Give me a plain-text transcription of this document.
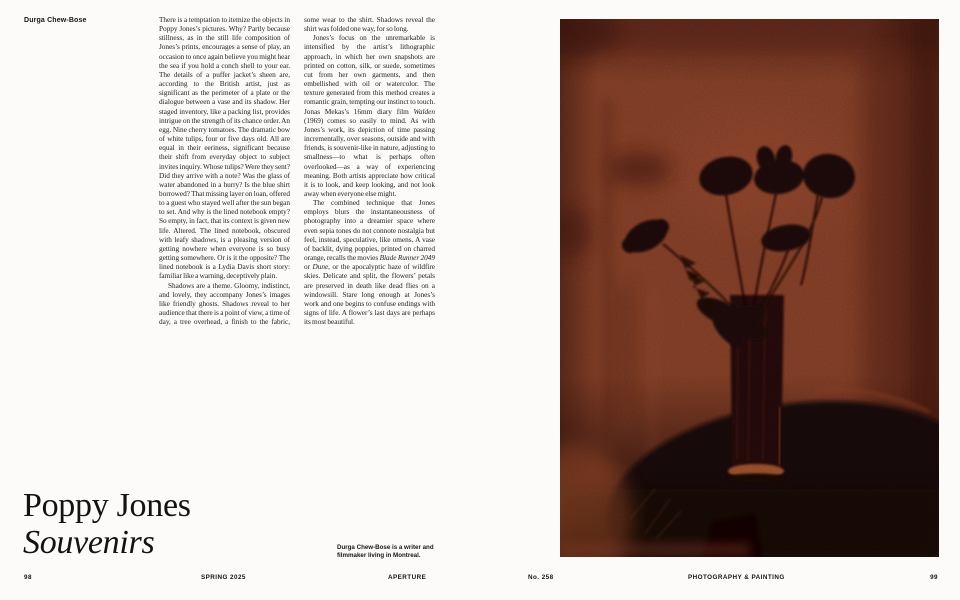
Durga Chew-Bose	There is a temptation to itemize the objects in Poppy Jones’s pictures. Why? Partly because stillness, as in the still life composition of Jones’s prints, encourages a sense of play, an occasion to once again believe you might hear the sea if you hold a conch shell to your ear. The details of a puffer jacket’s sheen are, according to the British artist, just as significant as the perimeter of a plate or the dialogue between a vase and its shadow. Her staged inventory, like a packing list, provides intrigue on the strength of its chance order. An egg. Nine cherry tomatoes. The dramatic bow of white tulips, four or five days old. All are equal in their eeriness, significant because their shift from everyday object to subject invites inquiry. Whose tulips? Were they sent? Did they arrive with a note? Was the glass of water abandoned in a hurry? Is the blue shirt borrowed? That missing layer on loan, offered to a guest who stayed well after the sun began to set. And why is the lined notebook empty? So empty, in fact, that its context is given new life. Altered. The lined notebook, obscured with leafy shadows, is a pleasing version of getting nowhere when everyone is so busy getting somewhere. Or is it the opposite? The lined notebook is a Lydia Davis short story: familiar like a warning, deceptively plain.

Shadows are a theme. Gloomy, indistinct, and lovely, they accompany Jones’s images like friendly ghosts. Shadows reveal to her audience that there is a point of view, a time of day, a tree overhead, a finish to the fabric, some wear to the shirt. Shadows reveal the shirt was folded one way, for so long.

Jones’s focus on the unremarkable is intensified by the artist’s lithographic approach, in which her own snapshots are printed on cotton, silk, or suede, sometimes cut from her own garments, and then embellished with oil or watercolor. The texture generated from this method creates a romantic grain, tempting our instinct to touch. Jonas Mekas’s 16mm diary film Walden (1969) comes so easily to mind. As with Jones’s work, its depiction of time passing incrementally, over seasons, outside and with friends, is souvenir-like in nature, adjusting to smallness—to what is perhaps often overlooked—as a way of experiencing meaning. Both artists appreciate how critical it is to look, and keep looking, and not look away when everyone else might.

The combined technique that Jones employs blurs the instantaneousness of photography into a dreamier space where even sepia tones do not connote nostalgia but feel, instead, speculative, like omens. A vase of backlit, dying poppies, printed on charred orange, recalls the movies Blade Runner 2049 or Dune, or the apocalyptic haze of wildfire skies. Delicate and split, the flowers’ petals are preserved in death like dead flies on a windowsill. Stare long enough at Jones’s work and one begins to confuse endings with signs of life. A flower’s last days are perhaps its most beautiful.

Poppy Jones
Souvenirs	Durga Chew-Bose is a writer and filmmaker living in Montreal.
98	SPRING 2025	APERTURE	No. 258	PHOTOGRAPHY & PAINTING	99
